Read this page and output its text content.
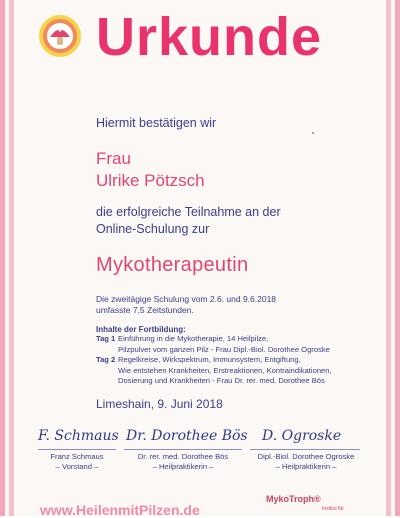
Urkunde
Hiermit bestätigen wir
Frau
Ulrike Pötzsch
die erfolgreiche Teilnahme an der
Online-Schulung zur
Mykotherapeutin
Die zweitägige Schulung vom 2.6. und 9.6.2018
umfasste 7,5 Zeitstunden.
Inhalte der Fortbildung:
Tag 1 Einführung in die Mykotherapie, 14 Heilpilze,
Pilzpulver vom ganzen Pilz - Frau Dipl.-Biol. Dorothee Ogroske
Tag 2 Regelkreise, Wirkspektrum, Immunsystem, Entgiftung,
Wie entstehen Krankheiten, Erstreaktionen, Kontraindikationen,
Dosierung und Krankheiten - Frau Dr. rer. med. Dorothee Bös
Limeshain, 9. Juni 2018
F. Schmaus Dr. Dorothee Bös D. Ogroske
Franz Schmaus
– Vorstand –
Dr. rer. med. Dorothee Bös
– Heilpraktikerin –
Dipl.-Biol. Dorothee Ogroske
– Heilpraktikerin –
www.HeilenmitPilzen.de
MykoTroph®
Institut für
